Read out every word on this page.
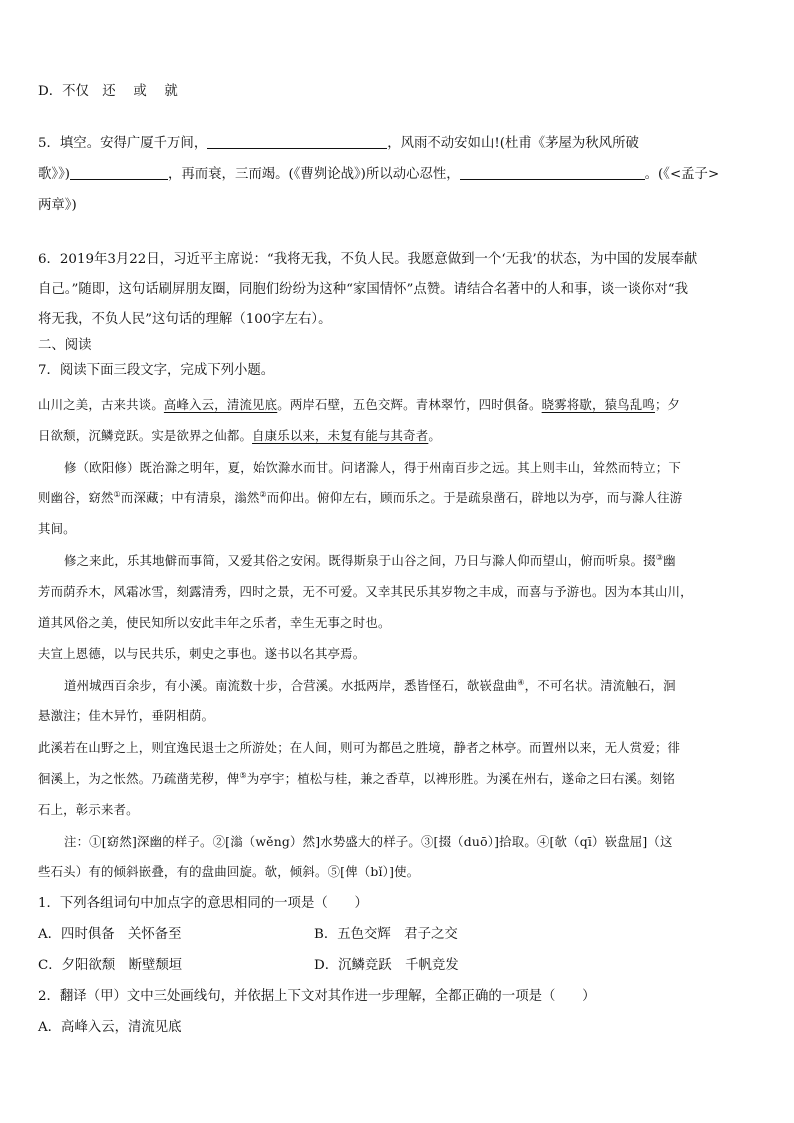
D．不仅　还　 或　 就
5．填空。安得广厦千万间，	，风雨不动安如山!(杜甫《茅屋为秋风所破
歌》》)	，再而衰，三而竭。(《曹刿论战》)所以动心忍性，	。(《<孟子>
两章》)
6．2019年3月22日，习近平主席说：“我将无我，不负人民。我愿意做到一个‘无我’的状态，为中国的发展奉献
自己。”随即，这句话刷屏朋友圈，同胞们纷纷为这种“家国情怀”点赞。请结合名著中的人和事，谈一谈你对“我
将无我，不负人民”这句话的理解（100字左右）。
二、阅读
7．阅读下面三段文字，完成下列小题。
山川之美，古来共谈。高峰入云，清流见底。两岸石壁，五色交辉。青林翠竹，四时俱备。晓雾将歇，猿鸟乱鸣；夕
日欲颓，沉鳞竞跃。实是欲界之仙都。自康乐以来，未复有能与其奇者。
修（欧阳修）既治滁之明年，夏，始饮滁水而甘。问诸滁人，得于州南百步之远。其上则丰山，耸然而特立；下
则幽谷，窈然①而深藏；中有清泉，滃然②而仰出。俯仰左右，顾而乐之。于是疏泉凿石，辟地以为亭，而与滁人往游
其间。
修之来此，乐其地僻而事简，又爱其俗之安闲。既得斯泉于山谷之间，乃日与滁人仰而望山，俯而听泉。掇③幽
芳而荫乔木，风霜冰雪，刻露清秀，四时之景，无不可爱。又幸其民乐其岁物之丰成，而喜与予游也。因为本其山川，
道其风俗之美，使民知所以安此丰年之乐者，幸生无事之时也。
夫宣上恩德，以与民共乐，刺史之事也。遂书以名其亭焉。
道州城西百余步，有小溪。南流数十步，合营溪。水抵两岸，悉皆怪石，欹嵚盘曲④，不可名状。清流触石，洄
悬激注；佳木异竹，垂阴相荫。
此溪若在山野之上，则宜逸民退士之所游处；在人间，则可为都邑之胜境，静者之林亭。而置州以来，无人赏爱；徘
徊溪上，为之怅然。乃疏凿芜秽，俾⑤为亭宇；植松与桂，兼之香草，以裨形胜。为溪在州右，遂命之曰右溪。刻铭
石上，彰示来者。
注：①[窈然]深幽的样子。②[滃（wěng）然]水势盛大的样子。③[掇（duō）]拾取。④[欹（qī）嵚盘屈]（这
些石头）有的倾斜嵌叠，有的盘曲回旋。欹，倾斜。⑤[俾（bǐ）]使。
1．下列各组词句中加点字的意思相同的一项是（　　）
A．四时俱备　关怀备至	B．五色交辉　君子之交
C．夕阳欲颓　断壁颓垣	D．沉鳞竞跃　千帆竞发
2．翻译（甲）文中三处画线句，并依据上下文对其作进一步理解，全都正确的一项是（　　）
A．高峰入云，清流见底
